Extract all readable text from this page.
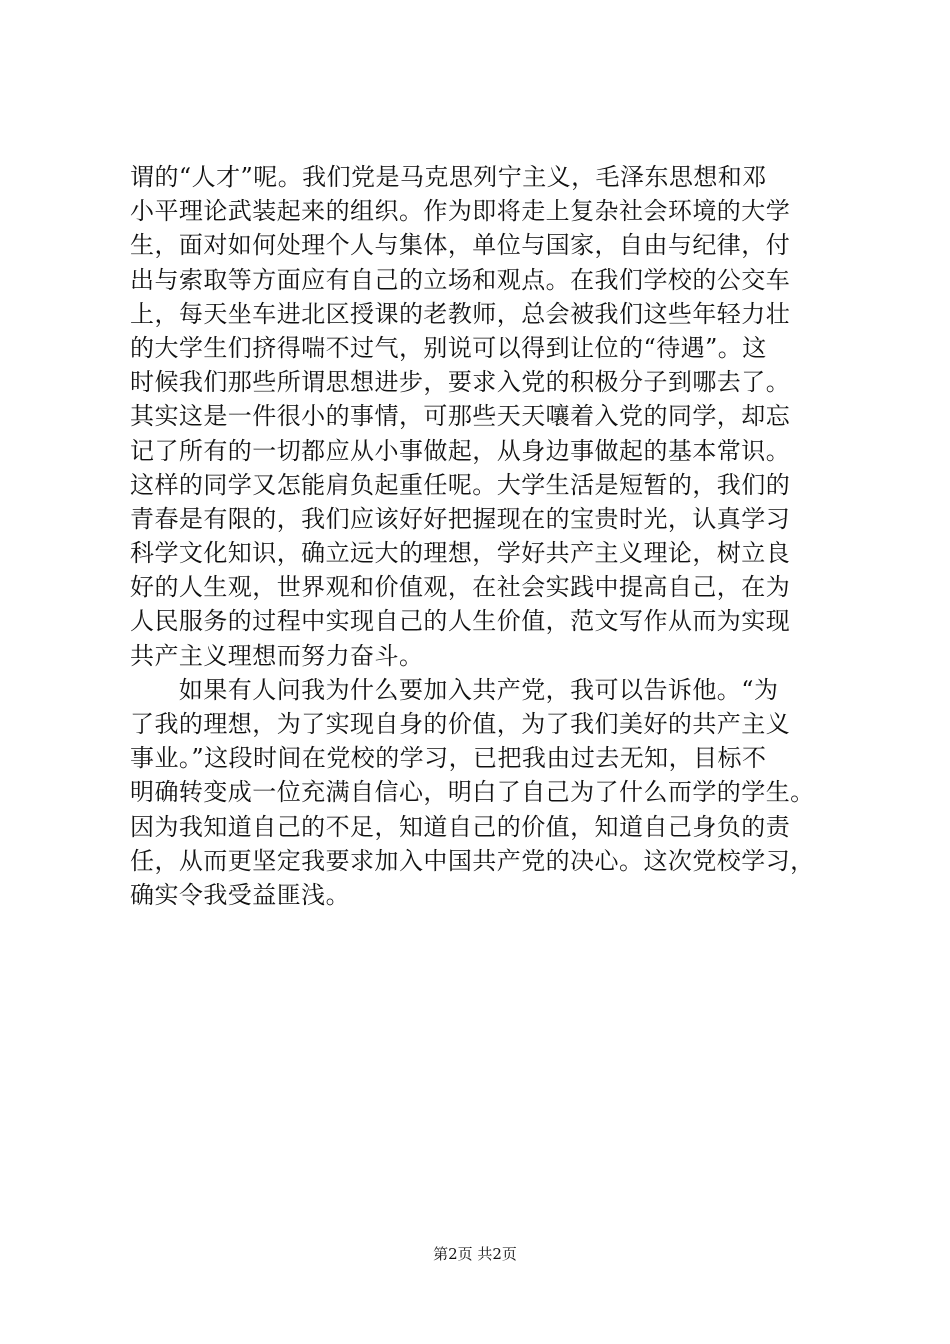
谓的“人才”呢。我们党是马克思列宁主义，毛泽东思想和邓
小平理论武装起来的组织。作为即将走上复杂社会环境的大学
生，面对如何处理个人与集体，单位与国家，自由与纪律，付
出与索取等方面应有自己的立场和观点。在我们学校的公交车
上，每天坐车进北区授课的老教师，总会被我们这些年轻力壮
的大学生们挤得喘不过气，别说可以得到让位的“待遇”。这
时候我们那些所谓思想进步，要求入党的积极分子到哪去了。
其实这是一件很小的事情，可那些天天嚷着入党的同学，却忘
记了所有的一切都应从小事做起，从身边事做起的基本常识。
这样的同学又怎能肩负起重任呢。大学生活是短暂的，我们的
青春是有限的，我们应该好好把握现在的宝贵时光，认真学习
科学文化知识，确立远大的理想，学好共产主义理论，树立良
好的人生观，世界观和价值观，在社会实践中提高自己，在为
人民服务的过程中实现自己的人生价值，范文写作从而为实现
共产主义理想而努力奋斗。
　　如果有人问我为什么要加入共产党，我可以告诉他。“为
了我的理想，为了实现自身的价值，为了我们美好的共产主义
事业。”这段时间在党校的学习，已把我由过去无知，目标不
明确转变成一位充满自信心，明白了自己为了什么而学的学生。
因为我知道自己的不足，知道自己的价值，知道自己身负的责
任，从而更坚定我要求加入中国共产党的决心。这次党校学习，
确实令我受益匪浅。
第2页 共2页
